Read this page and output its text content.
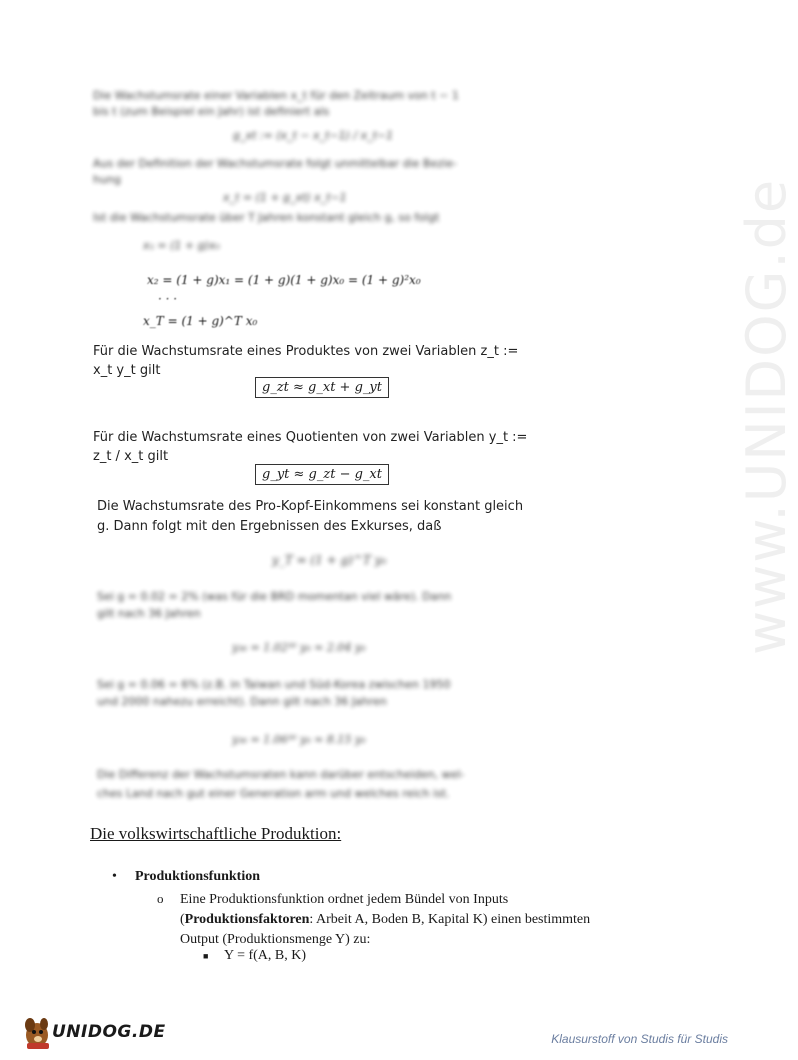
www.UNIDOG.de
Die Wachstumsrate einer Variablen x_t für den Zeitraum von t − 1
bis t (zum Beispiel ein Jahr) ist definiert als
g_xt := (x_t − x_t−1) / x_t−1
Aus der Definition der Wachstumsrate folgt unmittelbar die Bezie-
hung
x_t = (1 + g_xt) x_t−1
Ist die Wachstumsrate über T Jahren konstant gleich g, so folgt
x₁ = (1 + g)x₀
x₂ = (1 + g)x₁ = (1 + g)(1 + g)x₀ = (1 + g)²x₀
· · ·
x_T = (1 + g)^T x₀
Für die Wachstumsrate eines Produktes von zwei Variablen z_t :=
x_t y_t gilt
g_zt ≈ g_xt + g_yt
Für die Wachstumsrate eines Quotienten von zwei Variablen y_t :=
z_t / x_t gilt
g_yt ≈ g_zt − g_xt
Die Wachstumsrate des Pro-Kopf-Einkommens sei konstant gleich
g. Dann folgt mit den Ergebnissen des Exkurses, daß
y_T = (1 + g)^T y₀
Sei g = 0.02 = 2% (was für die BRD momentan viel wäre). Dann
gilt nach 36 Jahren
y₃₆ = 1.02³⁶ y₀ ≈ 2.04 y₀
Sei g = 0.06 = 6% (z.B. in Taiwan und Süd-Korea zwischen 1950
und 2000 nahezu erreicht). Dann gilt nach 36 Jahren
y₃₆ = 1.06³⁶ y₀ ≈ 8.15 y₀
Die Differenz der Wachstumsraten kann darüber entscheiden, wel-
ches Land nach gut einer Generation arm und welches reich ist.
Die volkswirtschaftliche Produktion:
• Produktionsfunktion
o Eine Produktionsfunktion ordnet jedem Bündel von Inputs
(Produktionsfaktoren: Arbeit A, Boden B, Kapital K) einen bestimmten
Output (Produktionsmenge Y) zu:
■ Y = f(A, B, K)
UNIDOG.DE	Klausurstoff von Studis für Studis
